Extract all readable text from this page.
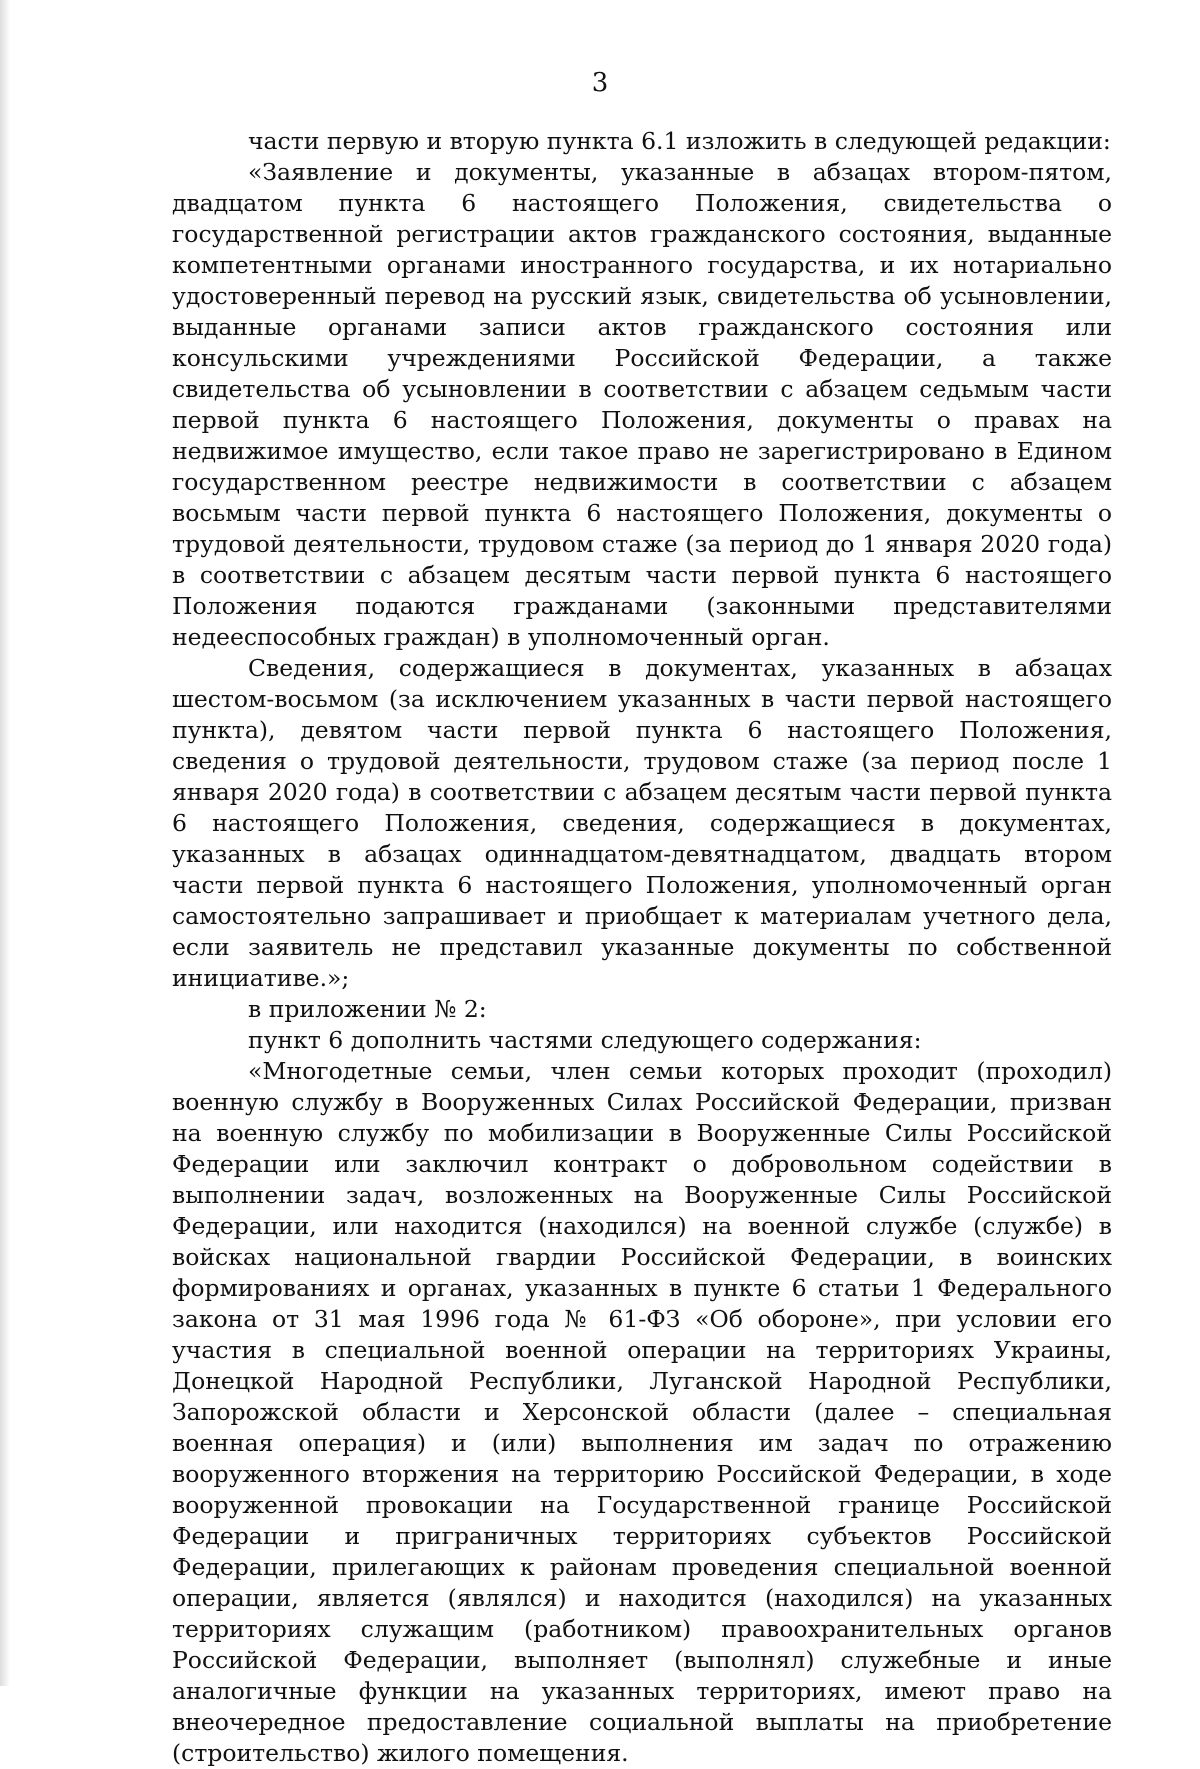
3

части первую и вторую пункта 6.1 изложить в следующей редакции:

«Заявление и документы, указанные в абзацах втором-пятом, двадцатом пункта 6 настоящего Положения, свидетельства о государственной регистрации актов гражданского состояния, выданные компетентными органами иностранного государства, и их нотариально удостоверенный перевод на русский язык, свидетельства об усыновлении, выданные органами записи актов гражданского состояния или консульскими учреждениями Российской Федерации, а также свидетельства об усыновлении в соответствии с абзацем седьмым части первой пункта 6 настоящего Положения, документы о правах на недвижимое имущество, если такое право не зарегистрировано в Едином государственном реестре недвижимости в соответствии с абзацем восьмым части первой пункта 6 настоящего Положения, документы о трудовой деятельности, трудовом стаже (за период до 1 января 2020 года) в соответствии с абзацем десятым части первой пункта 6 настоящего Положения подаются гражданами (законными представителями недееспособных граждан) в уполномоченный орган.

Сведения, содержащиеся в документах, указанных в абзацах шестом-восьмом (за исключением указанных в части первой настоящего пункта), девятом части первой пункта 6 настоящего Положения, сведения о трудовой деятельности, трудовом стаже (за период после 1 января 2020 года) в соответствии с абзацем десятым части первой пункта 6 настоящего Положения, сведения, содержащиеся в документах, указанных в абзацах одиннадцатом-девятнадцатом, двадцать втором части первой пункта 6 настоящего Положения, уполномоченный орган самостоятельно запрашивает и приобщает к материалам учетного дела, если заявитель не представил указанные документы по собственной инициативе.»;

в приложении № 2:

пункт 6 дополнить частями следующего содержания:

«Многодетные семьи, член семьи которых проходит (проходил) военную службу в Вооруженных Силах Российской Федерации, призван на военную службу по мобилизации в Вооруженные Силы Российской Федерации или заключил контракт о добровольном содействии в выполнении задач, возложенных на Вооруженные Силы Российской Федерации, или находится (находился) на военной службе (службе) в войсках национальной гвардии Российской Федерации, в воинских формированиях и органах, указанных в пункте 6 статьи 1 Федерального закона от 31 мая 1996 года № 61-ФЗ «Об обороне», при условии его участия в специальной военной операции на территориях Украины, Донецкой Народной Республики, Луганской Народной Республики, Запорожской области и Херсонской области (далее – специальная военная операция) и (или) выполнения им задач по отражению вооруженного вторжения на территорию Российской Федерации, в ходе вооруженной провокации на Государственной границе Российской Федерации и приграничных территориях субъектов Российской Федерации, прилегающих к районам проведения специальной военной операции, является (являлся) и находится (находился) на указанных территориях служащим (работником) правоохранительных органов Российской Федерации, выполняет (выполнял) служебные и иные аналогичные функции на указанных территориях, имеют право на внеочередное предоставление социальной выплаты на приобретение (строительство) жилого помещения.
